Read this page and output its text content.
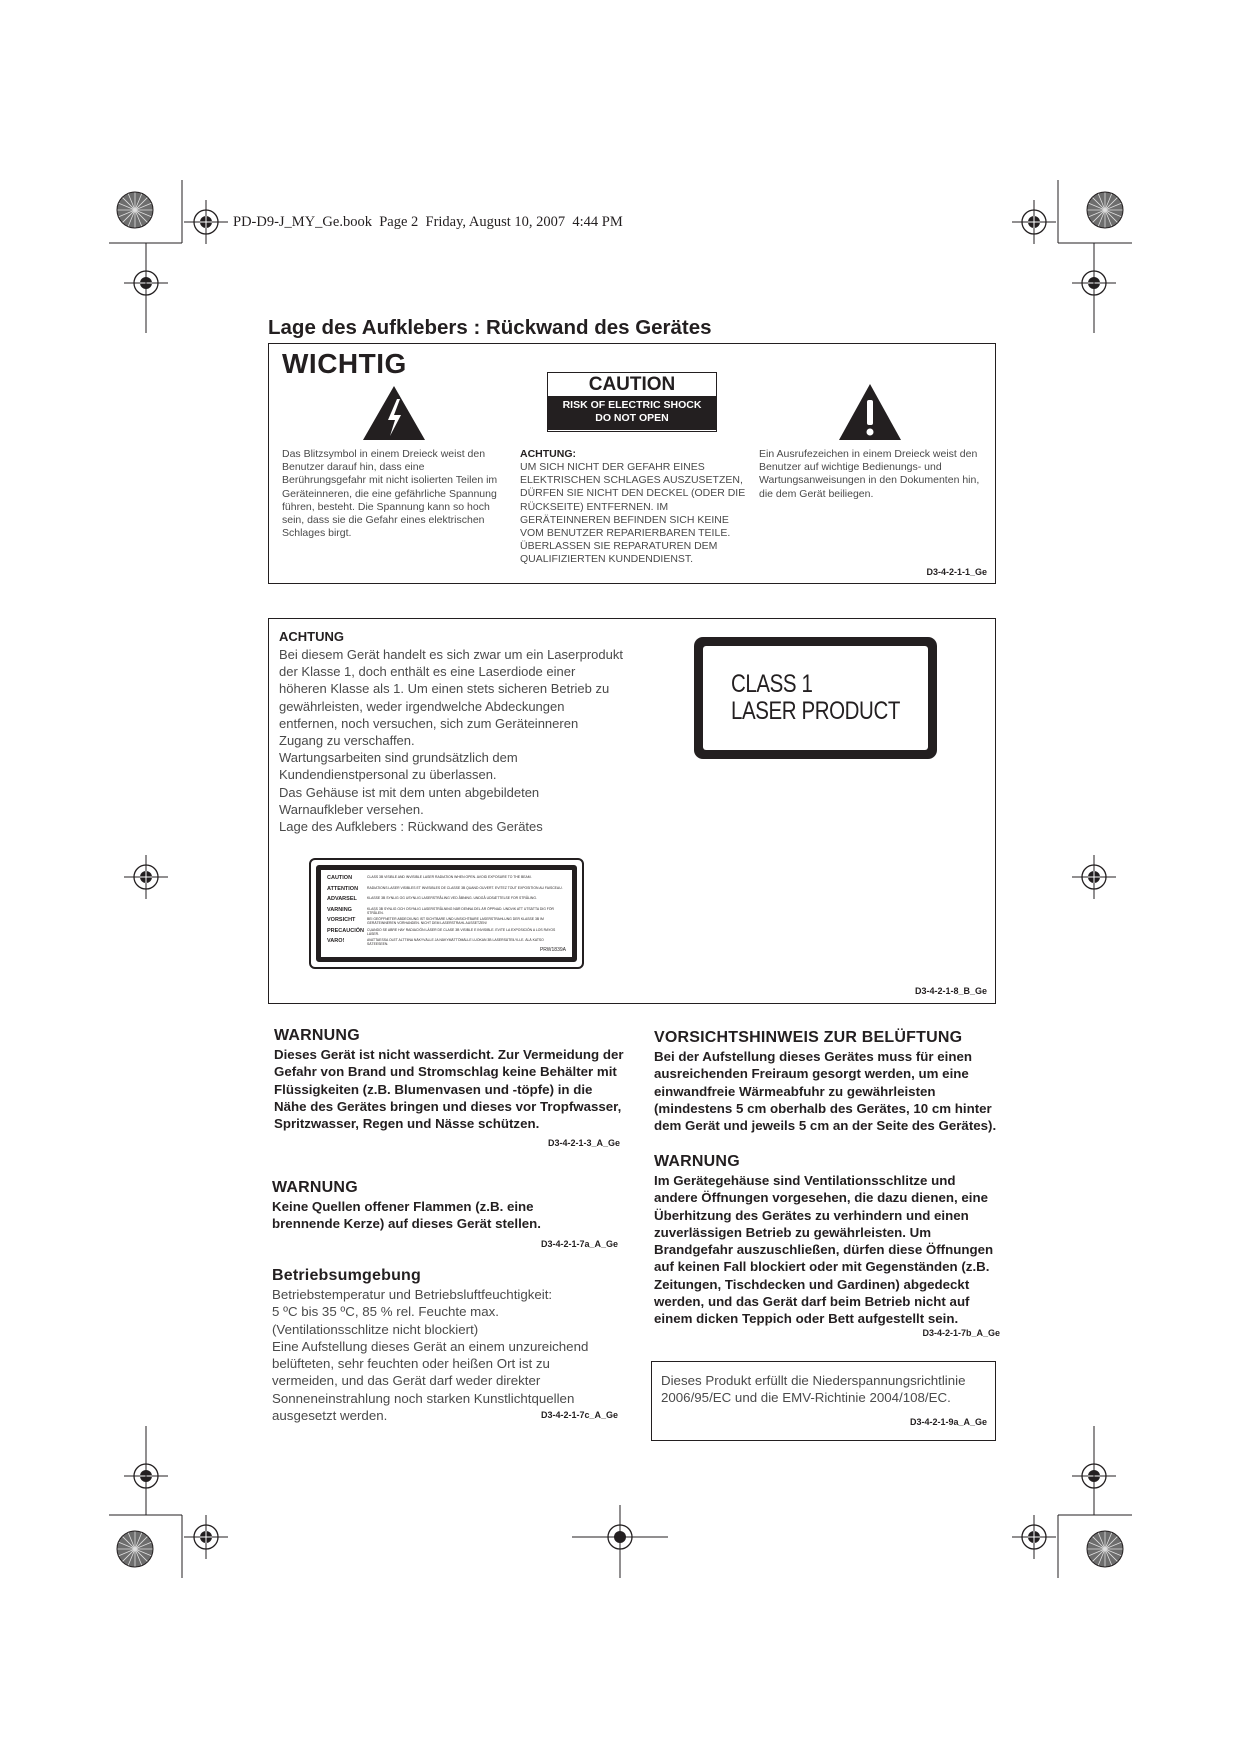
PD-D9-J_MY_Ge.book  Page 2  Friday, August 10, 2007  4:44 PM
Lage des Aufklebers : Rückwand des Gerätes
WICHTIG
CAUTION
RISK OF ELECTRIC SHOCK
DO NOT OPEN
Das Blitzsymbol in einem Dreieck weist den Benutzer darauf hin, dass eine Berührungsgefahr mit nicht isolierten Teilen im Geräteinneren, die eine gefährliche Spannung führen, besteht. Die Spannung kann so hoch sein, dass sie die Gefahr eines elektrischen Schlages birgt.
ACHTUNG:
UM SICH NICHT DER GEFAHR EINES ELEKTRISCHEN SCHLAGES AUSZUSETZEN, DÜRFEN SIE NICHT DEN DECKEL (ODER DIE RÜCKSEITE) ENTFERNEN. IM GERÄTEINNEREN BEFINDEN SICH KEINE VOM BENUTZER REPARIERBAREN TEILE. ÜBERLASSEN SIE REPARATUREN DEM QUALIFIZIERTEN KUNDENDIENST.
Ein Ausrufezeichen in einem Dreieck weist den Benutzer auf wichtige Bedienungs- und Wartungsanweisungen in den Dokumenten hin, die dem Gerät beiliegen.
D3-4-2-1-1_Ge
ACHTUNG
Bei diesem Gerät handelt es sich zwar um ein Laserprodukt der Klasse 1, doch enthält es eine Laserdiode einer höheren Klasse als 1. Um einen stets sicheren Betrieb zu gewährleisten, weder irgendwelche Abdeckungen entfernen, noch versuchen, sich zum Geräteinneren Zugang zu verschaffen.
Wartungsarbeiten sind grundsätzlich dem Kundendienstpersonal zu überlassen.
Das Gehäuse ist mit dem unten abgebildeten Warnaufkleber versehen.
Lage des Aufklebers : Rückwand des Gerätes
CLASS 1
LASER PRODUCT
CAUTION	CLASS 3B VISIBLE AND INVISIBLE LASER RADIATION WHEN OPEN. AVOID EXPOSURE TO THE BEAM.
ATTENTION	RADIATIONS LASER VISIBLES ET INVISIBLES DE CLASSE 3B QUAND OUVERT. EVITEZ TOUT EXPOSITION AU FAISCEAU.
ADVARSEL	KLASSE 3B SYNLIG OG USYNLIG LASERSTRÅLING VED ÅBNING. UNDGÅ UDSÆTTELSE FOR STRÅLING.
VARNING	KLASS 3B SYNLIG OCH OSYNLIG LASERSTRÅLNING NÄR DENNA DEL ÄR ÖPPNAD. UNDVIK ATT UTSÄTTA DIG FÖR STRÅLEN.
VORSICHT	BEI GEÖFFNETER ABDECKUNG IST SICHTBARE UND UNSICHTBARE LASERSTRAHLUNG DER KLASSE 3B IM GERÄTEINNEREN VORHANDEN. NICHT DEM LASERSTRAHL AUSSETZEN!
PRECAUCIÓN CUANDO SE ABRE HAY RADIACIÓN LÁSER DE CLASE 3B VISIBLE E INVISIBLE. EVITE LA EXPOSICIÓN A LOS RAYOS LÁSER.
VARO!	AVATTAESSA OLET ALTTIINA NÄKYVÄLLE JA NÄKYMÄTTÖMÄLLE LUOKAN 3B LASERSÄTEILYLLE. ÄLÄ KATSO SÄTEESEEN.
PRW1839A
D3-4-2-1-8_B_Ge
WARNUNG
Dieses Gerät ist nicht wasserdicht. Zur Vermeidung der Gefahr von Brand und Stromschlag keine Behälter mit Flüssigkeiten (z.B. Blumenvasen und -töpfe) in die Nähe des Gerätes bringen und dieses vor Tropfwasser, Spritzwasser, Regen und Nässe schützen.
D3-4-2-1-3_A_Ge
WARNUNG
Keine Quellen offener Flammen (z.B. eine brennende Kerze) auf dieses Gerät stellen.
D3-4-2-1-7a_A_Ge
Betriebsumgebung
Betriebstemperatur und Betriebsluftfeuchtigkeit:
5 ºC bis 35 ºC, 85 % rel. Feuchte max.
(Ventilationsschlitze nicht blockiert)
Eine Aufstellung dieses Gerät an einem unzureichend belüfteten, sehr feuchten oder heißen Ort ist zu vermeiden, und das Gerät darf weder direkter Sonneneinstrahlung noch starken Kunstlichtquellen ausgesetzt werden.	D3-4-2-1-7c_A_Ge
VORSICHTSHINWEIS ZUR BELÜFTUNG
Bei der Aufstellung dieses Gerätes muss für einen ausreichenden Freiraum gesorgt werden, um eine einwandfreie Wärmeabfuhr zu gewährleisten (mindestens 5 cm oberhalb des Gerätes, 10 cm hinter dem Gerät und jeweils 5 cm an der Seite des Gerätes).
WARNUNG
Im Gerätegehäuse sind Ventilationsschlitze und andere Öffnungen vorgesehen, die dazu dienen, eine Überhitzung des Gerätes zu verhindern und einen zuverlässigen Betrieb zu gewährleisten. Um Brandgefahr auszuschließen, dürfen diese Öffnungen auf keinen Fall blockiert oder mit Gegenständen (z.B. Zeitungen, Tischdecken und Gardinen) abgedeckt werden, und das Gerät darf beim Betrieb nicht auf einem dicken Teppich oder Bett aufgestellt sein.
D3-4-2-1-7b_A_Ge
Dieses Produkt erfüllt die Niederspannungsrichtlinie 2006/95/EC und die EMV-Richtinie 2004/108/EC.
D3-4-2-1-9a_A_Ge
